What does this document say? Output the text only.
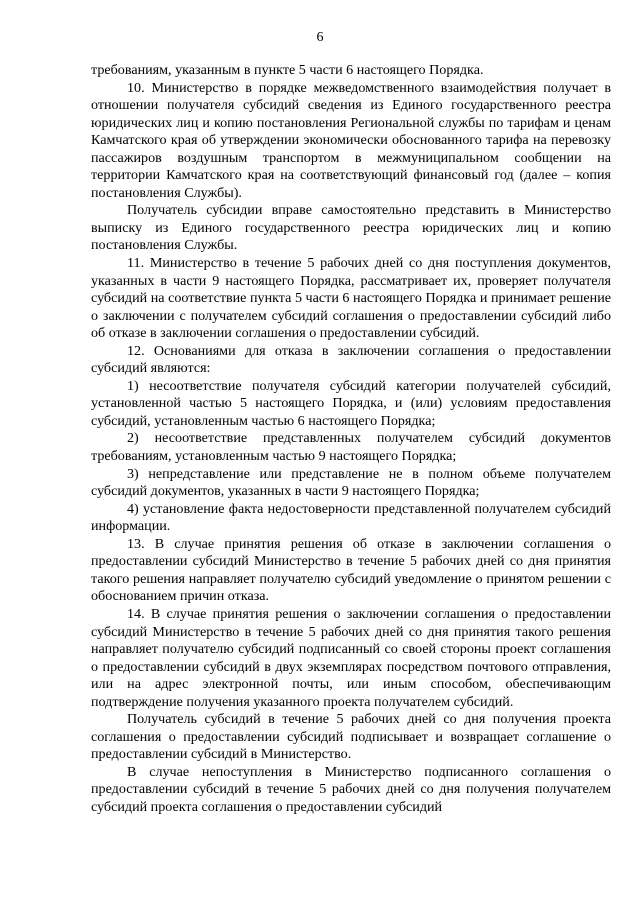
6

требованиям, указанным в пункте 5 части 6 настоящего Порядка.

10. Министерство в порядке межведомственного взаимодействия получает в отношении получателя субсидий сведения из Единого государственного реестра юридических лиц и копию постановления Региональной службы по тарифам и ценам Камчатского края об утверждении экономически обоснованного тарифа на перевозку пассажиров воздушным транспортом в межмуниципальном сообщении на территории Камчатского края на соответствующий финансовый год (далее – копия постановления Службы).

Получатель субсидии вправе самостоятельно представить в Министерство выписку из Единого государственного реестра юридических лиц и копию постановления Службы.

11. Министерство в течение 5 рабочих дней со дня поступления документов, указанных в части 9 настоящего Порядка, рассматривает их, проверяет получателя субсидий на соответствие пункта 5 части 6 настоящего Порядка и принимает решение о заключении с получателем субсидий соглашения о предоставлении субсидий либо об отказе в заключении соглашения о предоставлении субсидий.

12. Основаниями для отказа в заключении соглашения о предоставлении субсидий являются:

1) несоответствие получателя субсидий категории получателей субсидий, установленной частью 5 настоящего Порядка, и (или) условиям предоставления субсидий, установленным частью 6 настоящего Порядка;

2) несоответствие представленных получателем субсидий документов требованиям, установленным частью 9 настоящего Порядка;

3) непредставление или представление не в полном объеме получателем субсидий документов, указанных в части 9 настоящего Порядка;

4) установление факта недостоверности представленной получателем субсидий информации.

13. В случае принятия решения об отказе в заключении соглашения о предоставлении субсидий Министерство в течение 5 рабочих дней со дня принятия такого решения направляет получателю субсидий уведомление о принятом решении с обоснованием причин отказа.

14. В случае принятия решения о заключении соглашения о предоставлении субсидий Министерство в течение 5 рабочих дней со дня принятия такого решения направляет получателю субсидий подписанный со своей стороны проект соглашения о предоставлении субсидий в двух экземплярах посредством почтового отправления, или на адрес электронной почты, или иным способом, обеспечивающим подтверждение получения указанного проекта получателем субсидий.

Получатель субсидий в течение 5 рабочих дней со дня получения проекта соглашения о предоставлении субсидий подписывает и возвращает соглашение о предоставлении субсидий в Министерство.

В случае непоступления в Министерство подписанного соглашения о предоставлении субсидий в течение 5 рабочих дней со дня получения получателем субсидий проекта соглашения о предоставлении субсидий
